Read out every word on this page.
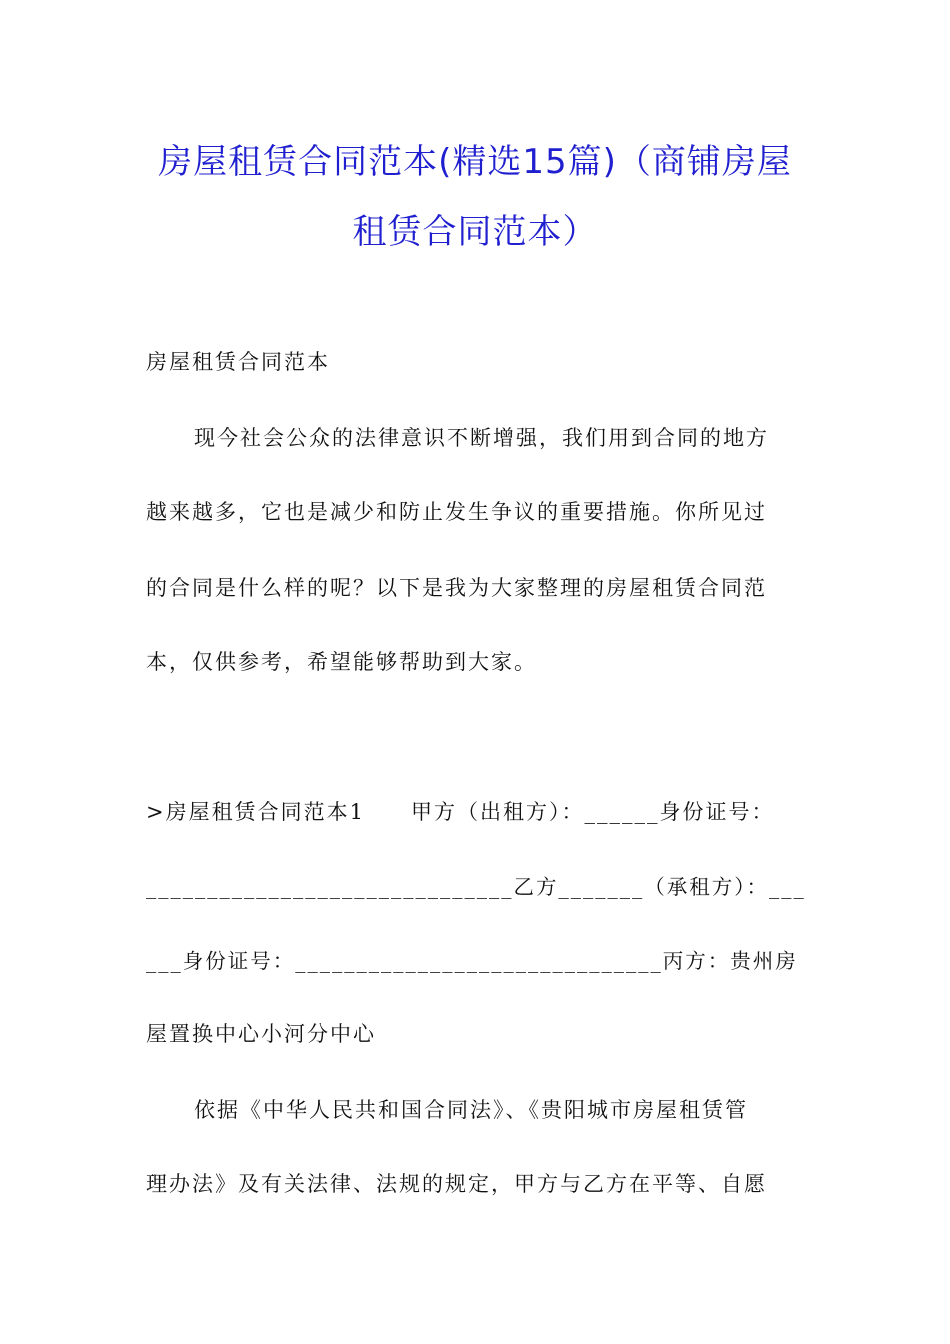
房屋租赁合同范本(精选15篇)（商铺房屋
租赁合同范本）
房屋租赁合同范本
现今社会公众的法律意识不断增强，我们用到合同的地方
越来越多，它也是减少和防止发生争议的重要措施。你所见过
的合同是什么样的呢？以下是我为大家整理的房屋租赁合同范
本，仅供参考，希望能够帮助到大家。
>房屋租赁合同范本1　　甲方（出租方）：______身份证号：
______________________________乙方_______（承租方）：___
___身份证号：______________________________丙方：贵州房
屋置换中心小河分中心
依据《中华人民共和国合同法》、《贵阳城市房屋租赁管
理办法》及有关法律、法规的规定，甲方与乙方在平等、自愿
